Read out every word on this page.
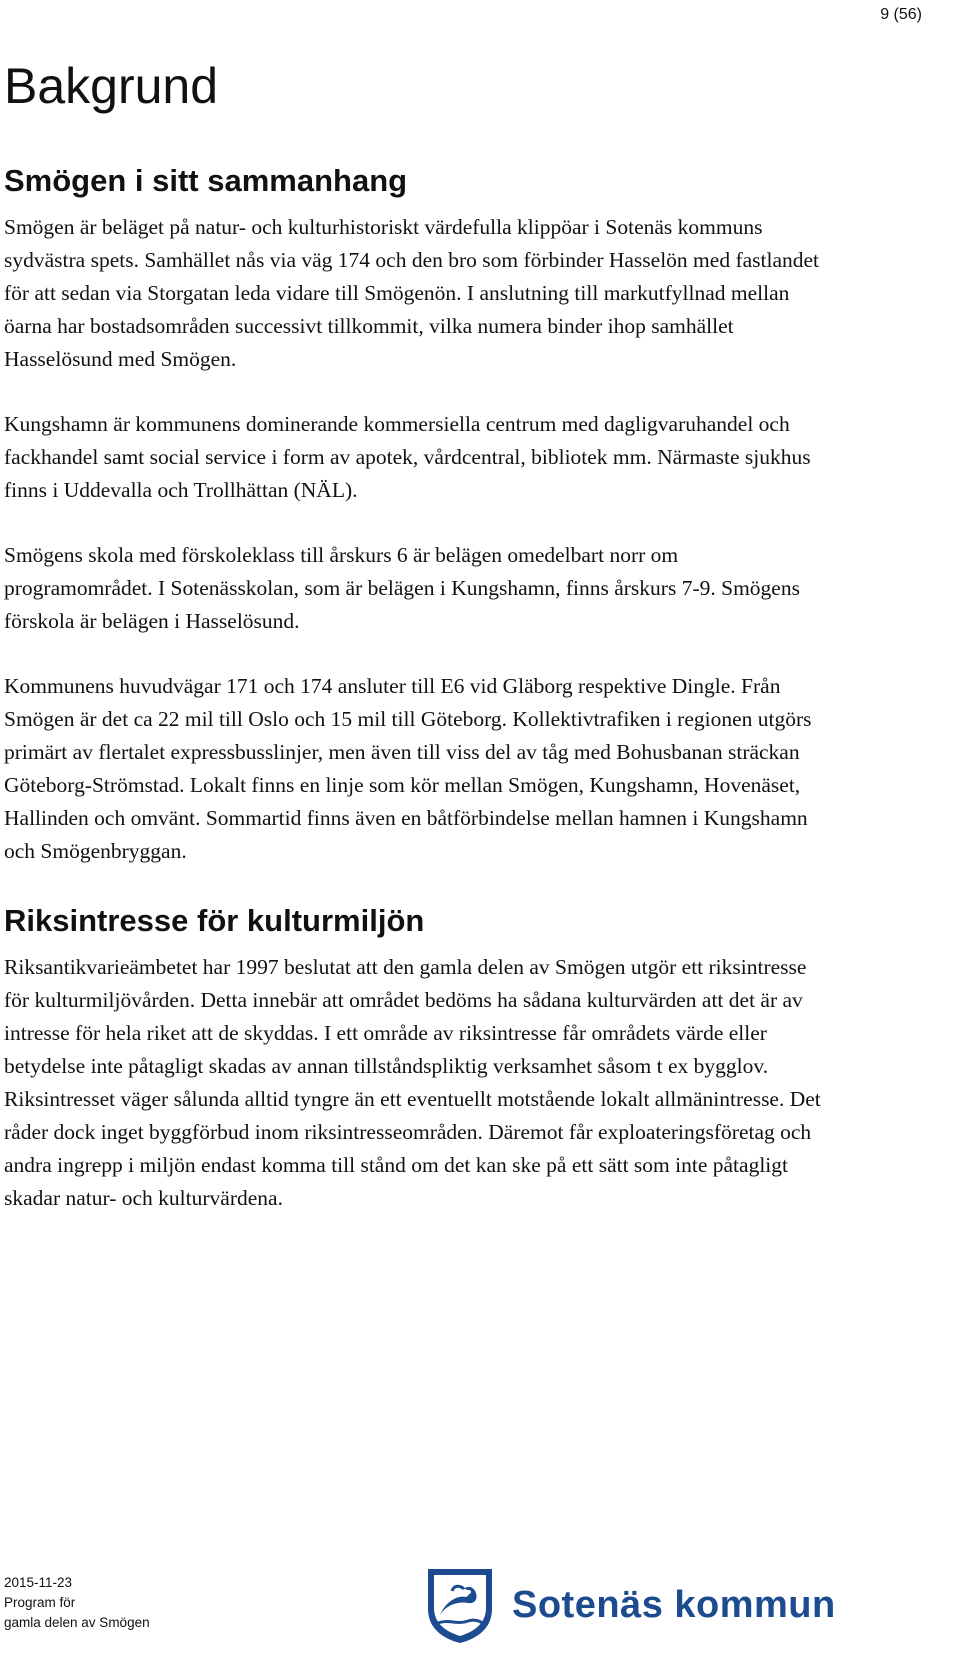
9 (56)
Bakgrund
Smögen i sitt sammanhang

Smögen är beläget på natur- och kulturhistoriskt värdefulla klippöar i Sotenäs kommuns sydvästra spets. Samhället nås via väg 174 och den bro som förbinder Hasselön med fastlandet för att sedan via Storgatan leda vidare till Smögenön. I anslutning till markutfyllnad mellan öarna har bostadsområden successivt tillkommit, vilka numera binder ihop samhället Hasselösund med Smögen.

Kungshamn är kommunens dominerande kommersiella centrum med dagligvaruhandel och fackhandel samt social service i form av apotek, vårdcentral, bibliotek mm. Närmaste sjukhus finns i Uddevalla och Trollhättan (NÄL).

Smögens skola med förskoleklass till årskurs 6 är belägen omedelbart norr om programområdet. I Sotenässkolan, som är belägen i Kungshamn, finns årskurs 7-9. Smögens förskola är belägen i Hasselösund.

Kommunens huvudvägar 171 och 174 ansluter till E6 vid Gläborg respektive Dingle. Från Smögen är det ca 22 mil till Oslo och 15 mil till Göteborg. Kollektivtrafiken i regionen utgörs primärt av flertalet expressbusslinjer, men även till viss del av tåg med Bohusbanan sträckan Göteborg-Strömstad. Lokalt finns en linje som kör mellan Smögen, Kungshamn, Hovenäset, Hallinden och omvänt. Sommartid finns även en båtförbindelse mellan hamnen i Kungshamn och Smögenbryggan.

Riksintresse för kulturmiljön

Riksantikvarieämbetet har 1997 beslutat att den gamla delen av Smögen utgör ett riksintresse för kulturmiljövården. Detta innebär att området bedöms ha sådana kulturvärden att det är av intresse för hela riket att de skyddas. I ett område av riksintresse får områdets värde eller betydelse inte påtagligt skadas av annan tillståndspliktig verksamhet såsom t ex bygglov. Riksintresset väger sålunda alltid tyngre än ett eventuellt motstående lokalt allmänintresse. Det råder dock inget byggförbud inom riksintresseområden. Däremot får exploateringsföretag och andra ingrepp i miljön endast komma till stånd om det kan ske på ett sätt som inte påtagligt skadar natur- och kulturvärdena.

2015-11-23
Program för
gamla delen av Smögen	Sotenäs kommun
